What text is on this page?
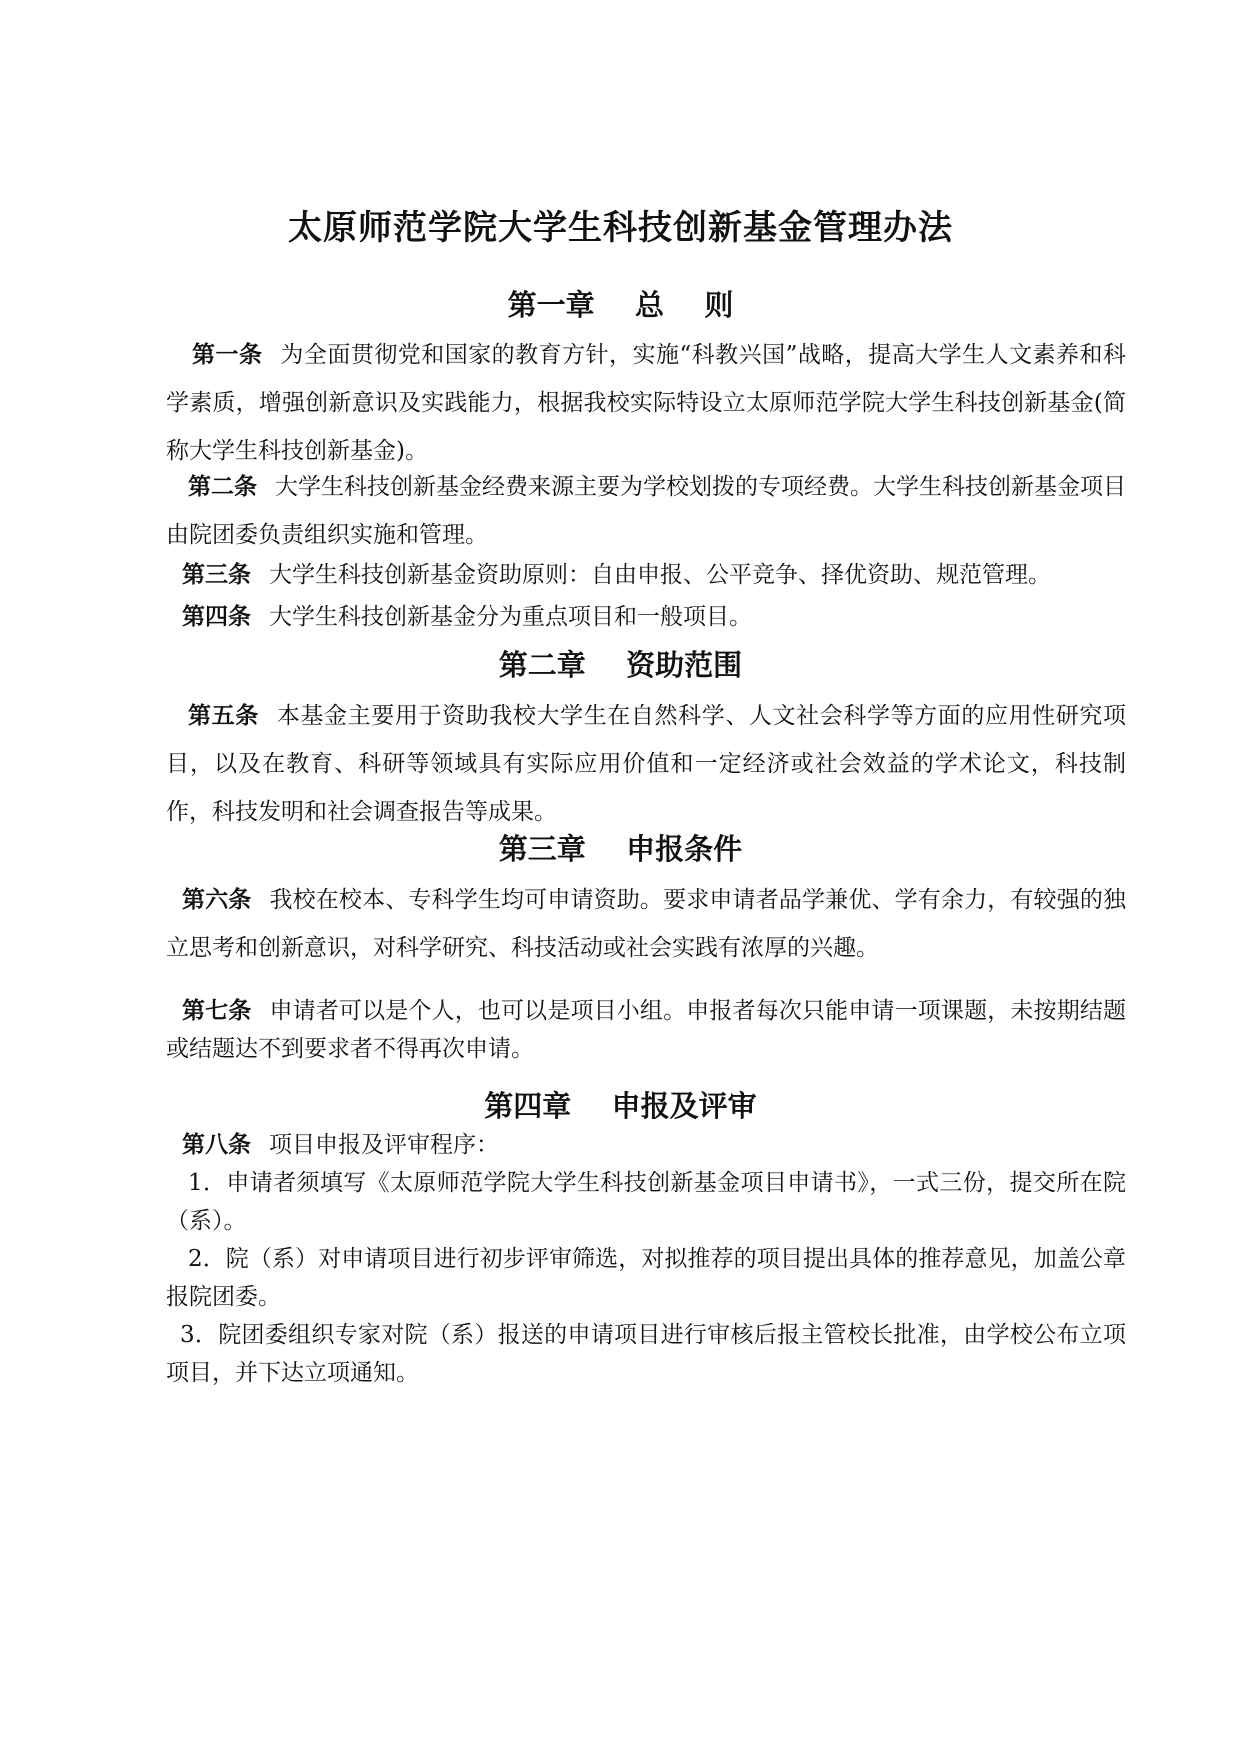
太原师范学院大学生科技创新基金管理办法
第一章    总    则
第一条 为全面贯彻党和国家的教育方针，实施“科教兴国”战略，提高大学生人文素养和科学素质，增强创新意识及实践能力，根据我校实际特设立太原师范学院大学生科技创新基金(简称大学生科技创新基金)。
第二条 大学生科技创新基金经费来源主要为学校划拨的专项经费。大学生科技创新基金项目由院团委负责组织实施和管理。
第三条 大学生科技创新基金资助原则：自由申报、公平竞争、择优资助、规范管理。
第四条 大学生科技创新基金分为重点项目和一般项目。
第二章    资助范围
第五条 本基金主要用于资助我校大学生在自然科学、人文社会科学等方面的应用性研究项目，以及在教育、科研等领域具有实际应用价值和一定经济或社会效益的学术论文，科技制作，科技发明和社会调查报告等成果。
第三章    申报条件
第六条 我校在校本、专科学生均可申请资助。要求申请者品学兼优、学有余力，有较强的独立思考和创新意识，对科学研究、科技活动或社会实践有浓厚的兴趣。
第七条 申请者可以是个人，也可以是项目小组。申报者每次只能申请一项课题，未按期结题或结题达不到要求者不得再次申请。
第四章    申报及评审
第八条 项目申报及评审程序：
1．申请者须填写《太原师范学院大学生科技创新基金项目申请书》，一式三份，提交所在院（系）。
2．院（系）对申请项目进行初步评审筛选，对拟推荐的项目提出具体的推荐意见，加盖公章报院团委。
3．院团委组织专家对院（系）报送的申请项目进行审核后报主管校长批准，由学校公布立项项目，并下达立项通知。
